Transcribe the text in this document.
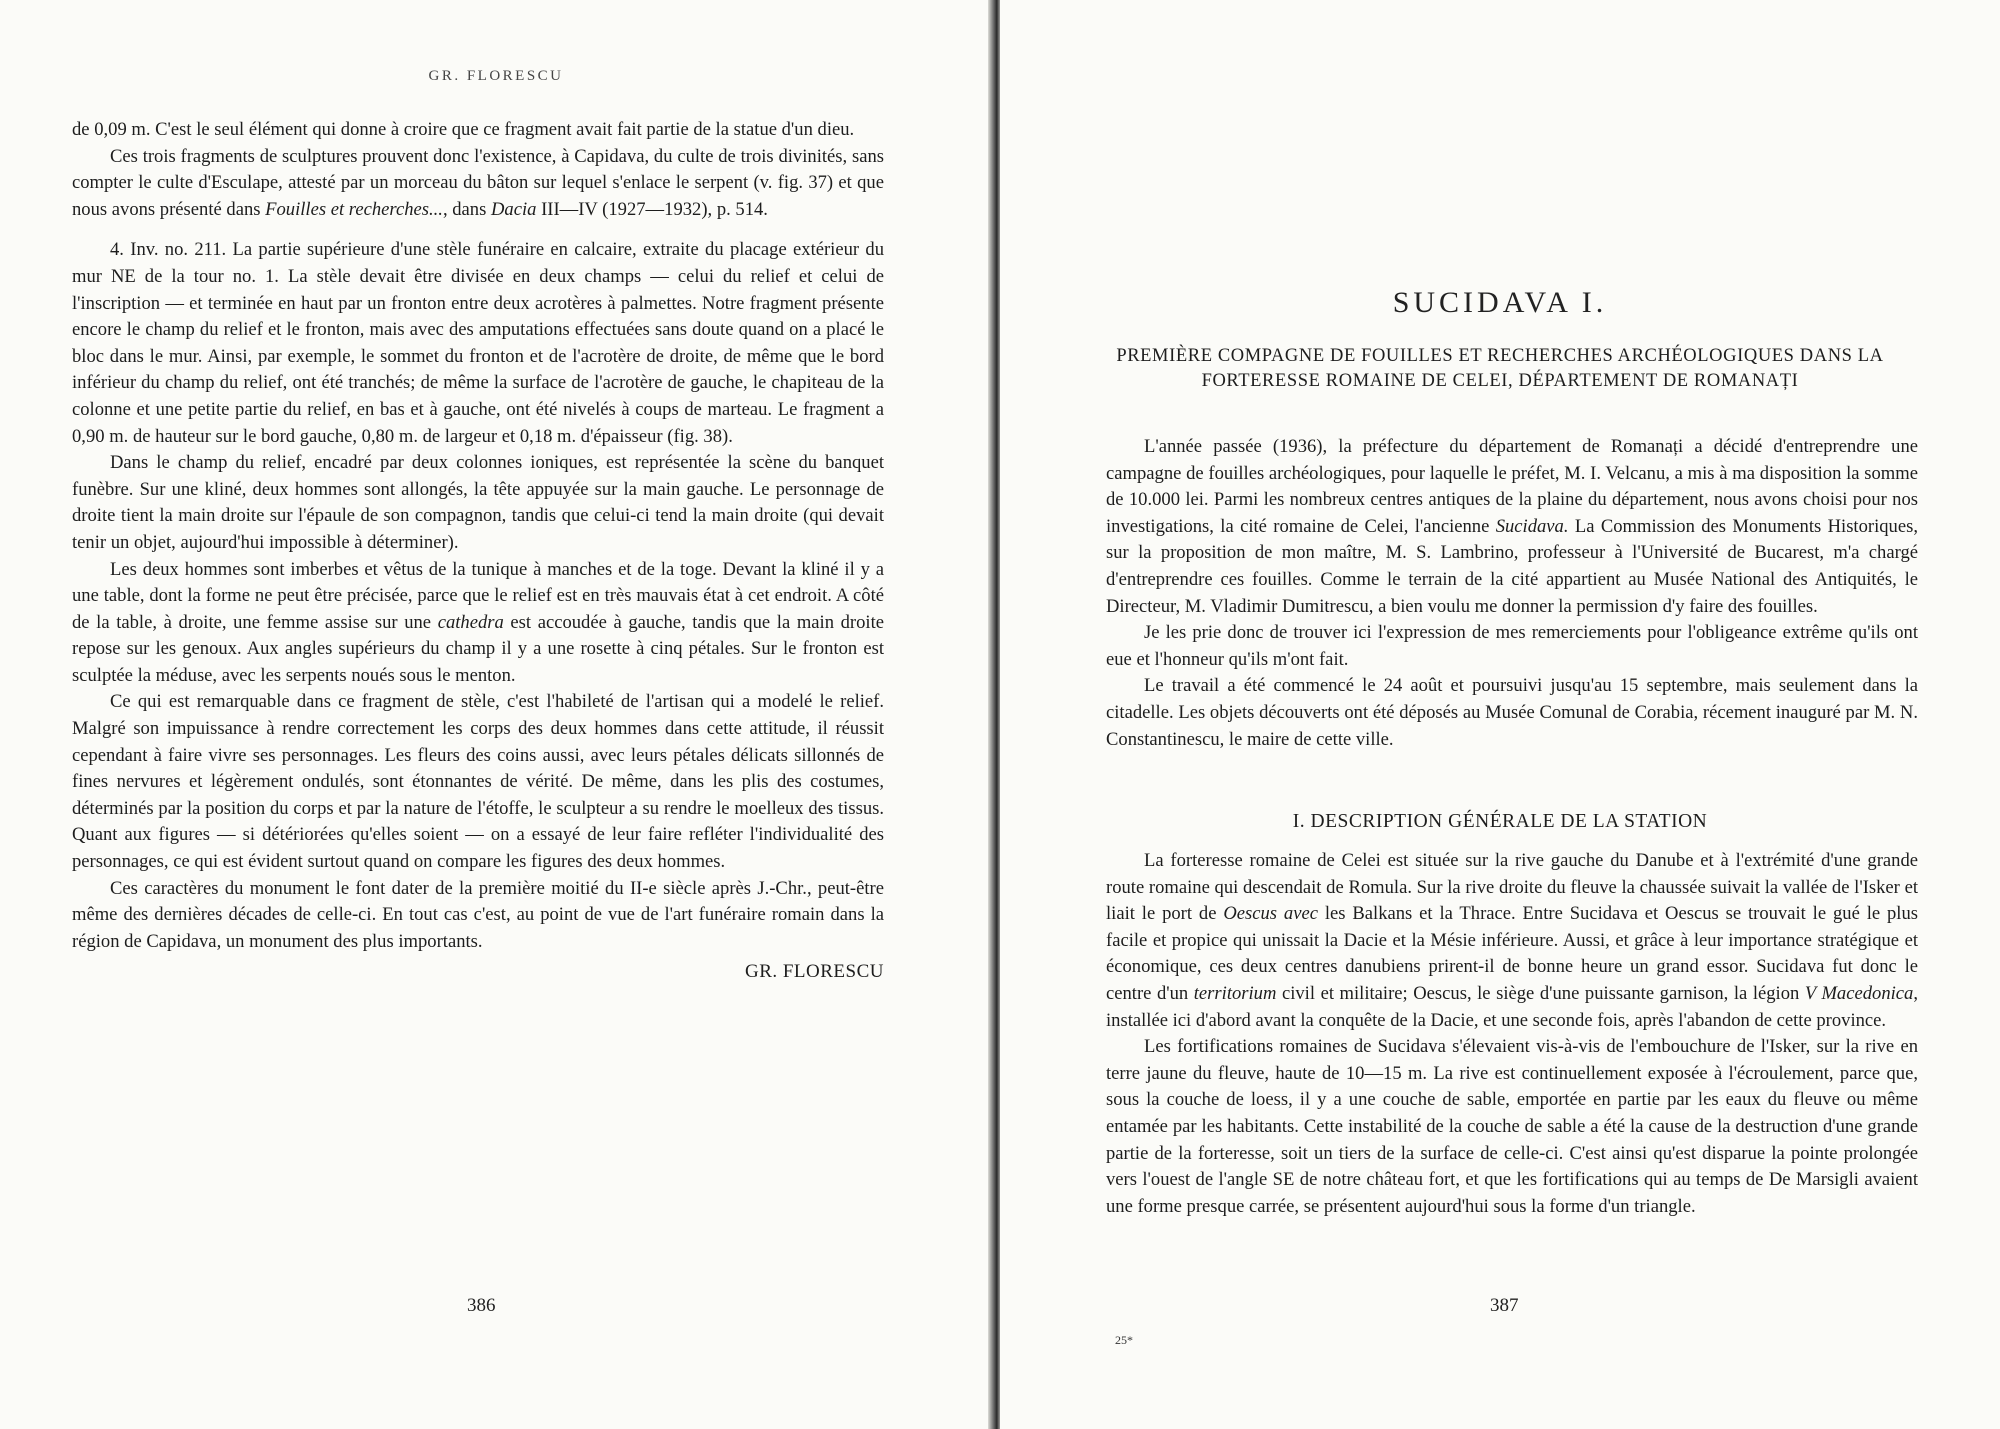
GR. FLORESCU

de 0,09 m. C'est le seul élément qui donne à croire que ce fragment avait fait partie de la statue d'un dieu.

Ces trois fragments de sculptures prouvent donc l'existence, à Capidava, du culte de trois divinités, sans compter le culte d'Esculape, attesté par un morceau du bâton sur lequel s'enlace le serpent (v. fig. 37) et que nous avons présenté dans Fouilles et recherches..., dans Dacia III—IV (1927—1932), p. 514.

4. Inv. no. 211. La partie supérieure d'une stèle funéraire en calcaire, extraite du placage extérieur du mur NE de la tour no. 1. La stèle devait être divisée en deux champs — celui du relief et celui de l'inscription — et terminée en haut par un fronton entre deux acrotères à palmettes. Notre fragment présente encore le champ du relief et le fronton, mais avec des amputations effectuées sans doute quand on a placé le bloc dans le mur. Ainsi, par exemple, le sommet du fronton et de l'acrotère de droite, de même que le bord inférieur du champ du relief, ont été tranchés; de même la surface de l'acrotère de gauche, le chapiteau de la colonne et une petite partie du relief, en bas et à gauche, ont été nivelés à coups de marteau. Le fragment a 0,90 m. de hauteur sur le bord gauche, 0,80 m. de largeur et 0,18 m. d'épaisseur (fig. 38).

Dans le champ du relief, encadré par deux colonnes ioniques, est représentée la scène du banquet funèbre. Sur une kliné, deux hommes sont allongés, la tête appuyée sur la main gauche. Le personnage de droite tient la main droite sur l'épaule de son compagnon, tandis que celui-ci tend la main droite (qui devait tenir un objet, aujourd'hui impossible à déterminer).

Les deux hommes sont imberbes et vêtus de la tunique à manches et de la toge. Devant la kliné il y a une table, dont la forme ne peut être précisée, parce que le relief est en très mauvais état à cet endroit. A côté de la table, à droite, une femme assise sur une cathedra est accoudée à gauche, tandis que la main droite repose sur les genoux. Aux angles supérieurs du champ il y a une rosette à cinq pétales. Sur le fronton est sculptée la méduse, avec les serpents noués sous le menton.

Ce qui est remarquable dans ce fragment de stèle, c'est l'habileté de l'artisan qui a modelé le relief. Malgré son impuissance à rendre correctement les corps des deux hommes dans cette attitude, il réussit cependant à faire vivre ses personnages. Les fleurs des coins aussi, avec leurs pétales délicats sillonnés de fines nervures et légèrement ondulés, sont étonnantes de vérité. De même, dans les plis des costumes, déterminés par la position du corps et par la nature de l'étoffe, le sculpteur a su rendre le moelleux des tissus. Quant aux figures — si détériorées qu'elles soient — on a essayé de leur faire refléter l'individualité des personnages, ce qui est évident surtout quand on compare les figures des deux hommes.

Ces caractères du monument le font dater de la première moitié du II-e siècle après J.-Chr., peut-être même des dernières décades de celle-ci. En tout cas c'est, au point de vue de l'art funéraire romain dans la région de Capidava, un monument des plus importants.

GR. FLORESCU

386
SUCIDAVA I.
PREMIÈRE COMPAGNE DE FOUILLES ET RECHERCHES ARCHÉOLOGIQUES DANS LA FORTERESSE ROMAINE DE CELEI, DÉPARTEMENT DE ROMANAȚI

L'année passée (1936), la préfecture du département de Romanați a décidé d'entreprendre une campagne de fouilles archéologiques, pour laquelle le préfet, M. I. Velcanu, a mis à ma disposition la somme de 10.000 lei. Parmi les nombreux centres antiques de la plaine du département, nous avons choisi pour nos investigations, la cité romaine de Celei, l'ancienne Sucidava. La Commission des Monuments Historiques, sur la proposition de mon maître, M. S. Lambrino, professeur à l'Université de Bucarest, m'a chargé d'entreprendre ces fouilles. Comme le terrain de la cité appartient au Musée National des Antiquités, le Directeur, M. Vladimir Dumitrescu, a bien voulu me donner la permission d'y faire des fouilles.

Je les prie donc de trouver ici l'expression de mes remerciements pour l'obligeance extrême qu'ils ont eue et l'honneur qu'ils m'ont fait.

Le travail a été commencé le 24 août et poursuivi jusqu'au 15 septembre, mais seulement dans la citadelle. Les objets découverts ont été déposés au Musée Comunal de Corabia, récement inauguré par M. N. Constantinescu, le maire de cette ville.

I. DESCRIPTION GÉNÉRALE DE LA STATION

La forteresse romaine de Celei est située sur la rive gauche du Danube et à l'extrémité d'une grande route romaine qui descendait de Romula. Sur la rive droite du fleuve la chaussée suivait la vallée de l'Isker et liait le port de Oescus avec les Balkans et la Thrace. Entre Sucidava et Oescus se trouvait le gué le plus facile et propice qui unissait la Dacie et la Mésie inférieure. Aussi, et grâce à leur importance stratégique et économique, ces deux centres danubiens prirent-il de bonne heure un grand essor. Sucidava fut donc le centre d'un territorium civil et militaire; Oescus, le siège d'une puissante garnison, la légion V Macedonica, installée ici d'abord avant la conquête de la Dacie, et une seconde fois, après l'abandon de cette province.

Les fortifications romaines de Sucidava s'élevaient vis-à-vis de l'embouchure de l'Isker, sur la rive en terre jaune du fleuve, haute de 10—15 m. La rive est continuellement exposée à l'écroulement, parce que, sous la couche de loess, il y a une couche de sable, emportée en partie par les eaux du fleuve ou même entamée par les habitants. Cette instabilité de la couche de sable a été la cause de la destruction d'une grande partie de la forteresse, soit un tiers de la surface de celle-ci. C'est ainsi qu'est disparue la pointe prolongée vers l'ouest de l'angle SE de notre château fort, et que les fortifications qui au temps de De Marsigli avaient une forme presque carrée, se présentent aujourd'hui sous la forme d'un triangle.

387
25*
